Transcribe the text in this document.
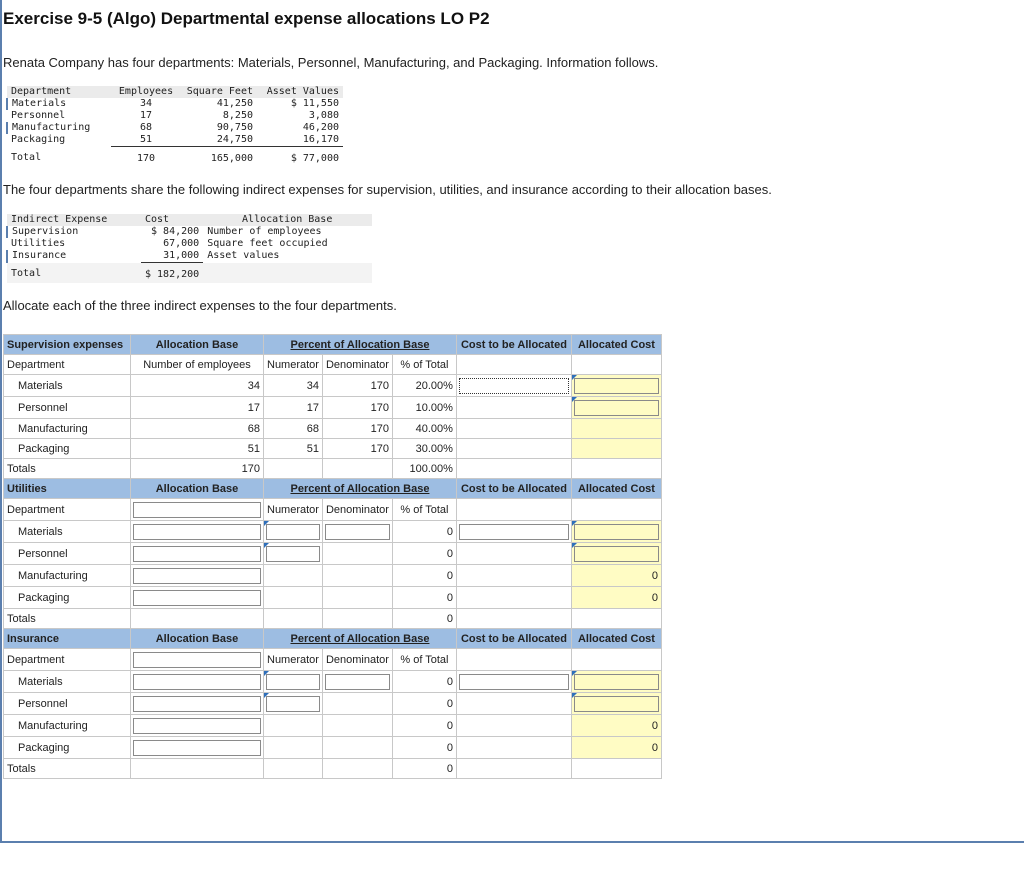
Exercise 9-5 (Algo) Departmental expense allocations LO P2

Renata Company has four departments: Materials, Personnel, Manufacturing, and Packaging. Information follows.

Department	Employees	Square Feet	Asset Values
Materials	34	41,250	$ 11,550
Personnel	17	8,250	3,080
Manufacturing	68	90,750	46,200
Packaging	51	24,750	16,170
Total	170	165,000	$ 77,000

The four departments share the following indirect expenses for supervision, utilities, and insurance according to their allocation bases.

Indirect Expense	Cost	Allocation Base
Supervision	$ 84,200	Number of employees
Utilities	67,000	Square feet occupied
Insurance	31,000	Asset values
Total	$ 182,200	

Allocate each of the three indirect expenses to the four departments.

Supervision expenses	Allocation Base	Percent of Allocation Base			Cost to be Allocated	Allocated Cost
Department	Number of employees	Numerator	Denominator	% of Total		
Materials	34	34	170	20.00%	

Personnel	17	17	170	10.00%		

Manufacturing	68	68	170	40.00%		
Packaging	51	51	170	30.00%		
Totals	170			100.00%		
Utilities	Allocation Base	Percent of Allocation Base			Cost to be Allocated	Allocated Cost
Department		Numerator	Denominator	% of Total		
Materials				0	

Personnel				0		

Manufacturing				0		0
Packaging				0		0
Totals				0		
Insurance	Allocation Base	Percent of Allocation Base			Cost to be Allocated	Allocated Cost
Department		Numerator	Denominator	% of Total		
Materials				0	

Personnel				0		

Manufacturing				0		0
Packaging				0		0
Totals				0		
